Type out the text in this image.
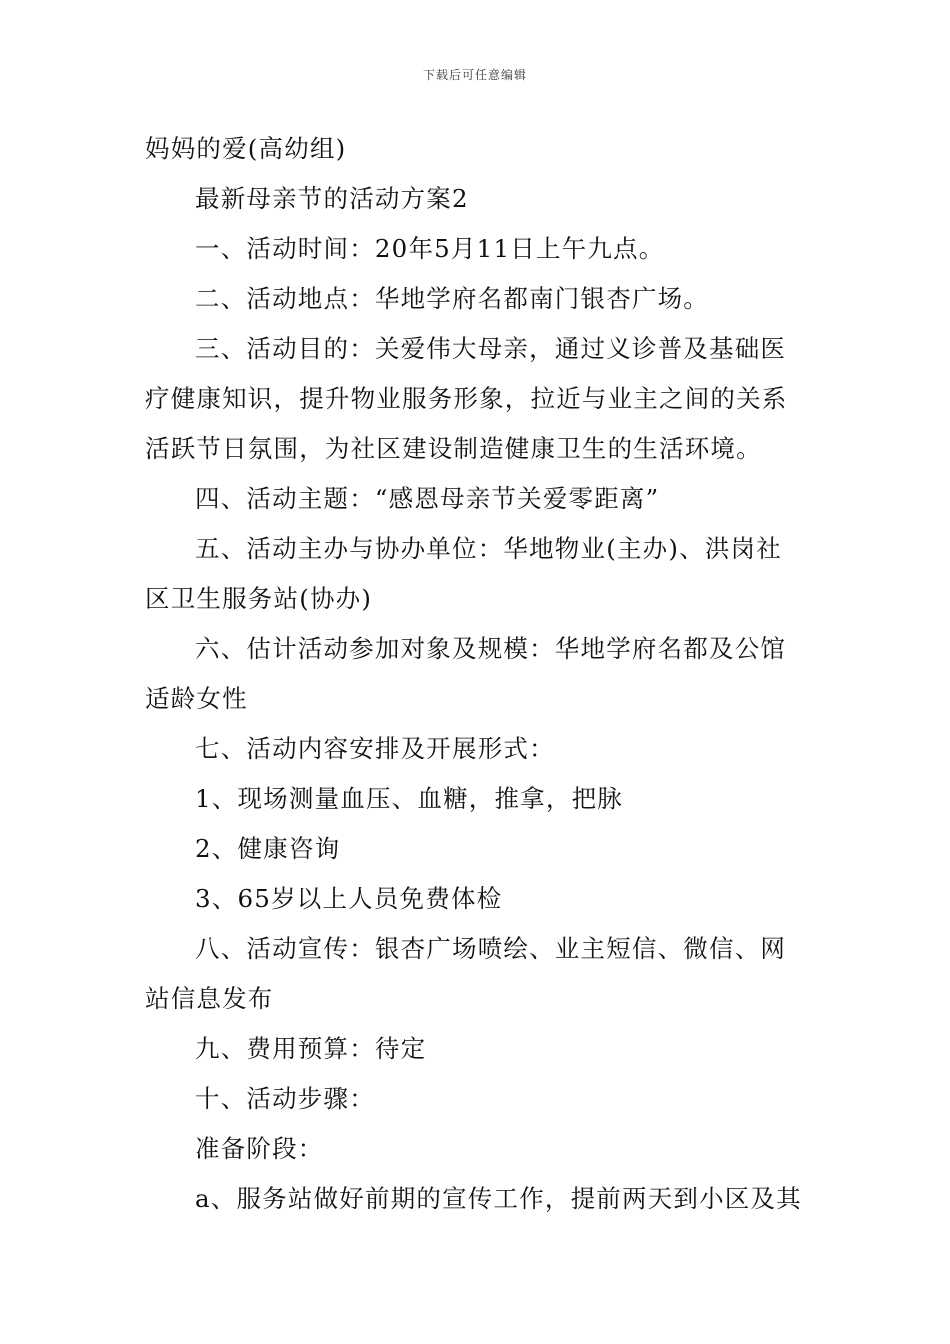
下载后可任意编辑
妈妈的爱(高幼组)
最新母亲节的活动方案2
一、活动时间：20年5月11日上午九点。
二、活动地点：华地学府名都南门银杏广场。
三、活动目的：关爱伟大母亲，通过义诊普及基础医
疗健康知识，提升物业服务形象，拉近与业主之间的关系
活跃节日氛围，为社区建设制造健康卫生的生活环境。
四、活动主题：“感恩母亲节关爱零距离”
五、活动主办与协办单位：华地物业(主办)、洪岗社
区卫生服务站(协办)
六、估计活动参加对象及规模：华地学府名都及公馆
适龄女性
七、活动内容安排及开展形式：
1、现场测量血压、血糖，推拿，把脉
2、健康咨询
3、65岁以上人员免费体检
八、活动宣传：银杏广场喷绘、业主短信、微信、网
站信息发布
九、费用预算：待定
十、活动步骤：
准备阶段：
a、服务站做好前期的宣传工作，提前两天到小区及其
